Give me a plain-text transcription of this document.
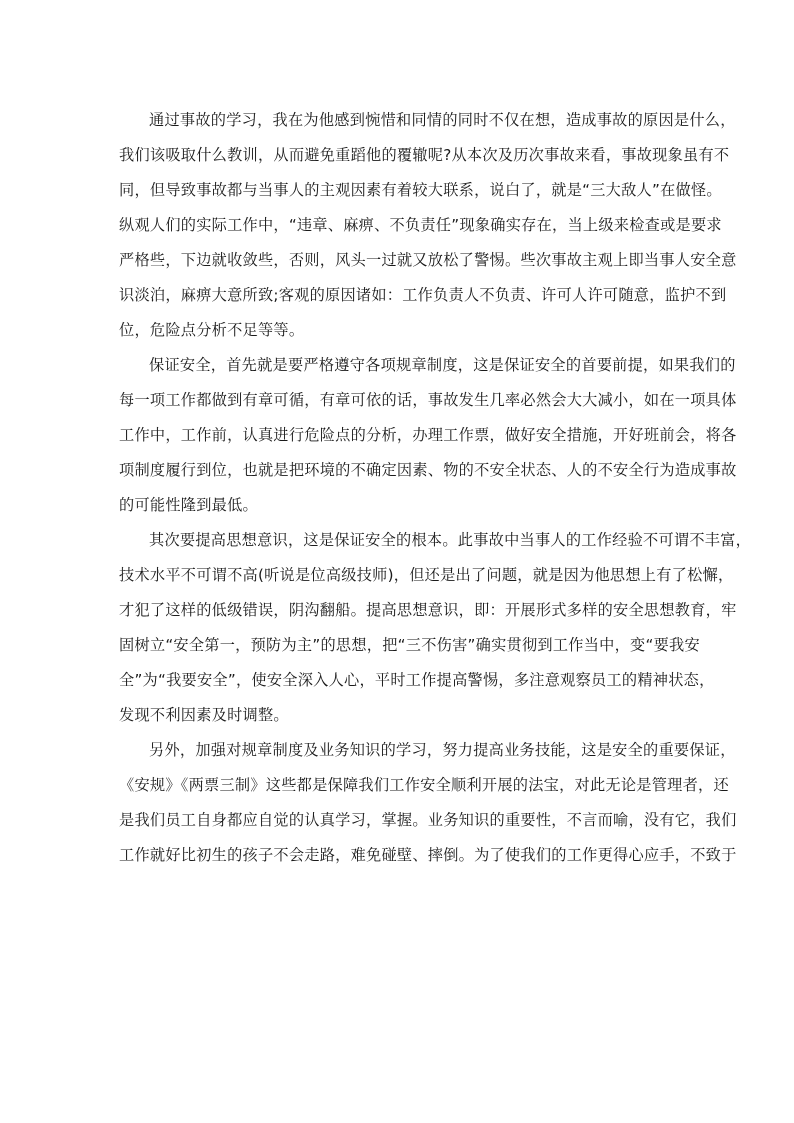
通过事故的学习，我在为他感到惋惜和同情的同时不仅在想，造成事故的原因是什么，
我们该吸取什么教训，从而避免重蹈他的覆辙呢?从本次及历次事故来看，事故现象虽有不
同，但导致事故都与当事人的主观因素有着较大联系，说白了，就是“三大敌人”在做怪。
纵观人们的实际工作中，“违章、麻痹、不负责任”现象确实存在，当上级来检查或是要求
严格些，下边就收敛些，否则，风头一过就又放松了警惕。些次事故主观上即当事人安全意
识淡泊，麻痹大意所致;客观的原因诸如：工作负责人不负责、许可人许可随意，监护不到
位，危险点分析不足等等。

保证安全，首先就是要严格遵守各项规章制度，这是保证安全的首要前提，如果我们的
每一项工作都做到有章可循，有章可依的话，事故发生几率必然会大大减小，如在一项具体
工作中，工作前，认真进行危险点的分析，办理工作票，做好安全措施，开好班前会，将各
项制度履行到位，也就是把环境的不确定因素、物的不安全状态、人的不安全行为造成事故
的可能性隆到最低。

其次要提高思想意识，这是保证安全的根本。此事故中当事人的工作经验不可谓不丰富，
技术水平不可谓不高(听说是位高级技师)，但还是出了问题，就是因为他思想上有了松懈，
才犯了这样的低级错误，阴沟翻船。提高思想意识，即：开展形式多样的安全思想教育，牢
固树立“安全第一，预防为主”的思想，把“三不伤害”确实贯彻到工作当中，变“要我安
全”为“我要安全”，使安全深入人心，平时工作提高警惕，多注意观察员工的精神状态，
发现不利因素及时调整。

另外，加强对规章制度及业务知识的学习，努力提高业务技能，这是安全的重要保证，
《安规》《两票三制》这些都是保障我们工作安全顺利开展的法宝，对此无论是管理者，还
是我们员工自身都应自觉的认真学习，掌握。业务知识的重要性，不言而喻，没有它，我们
工作就好比初生的孩子不会走路，难免碰壁、摔倒。为了使我们的工作更得心应手，不致于
